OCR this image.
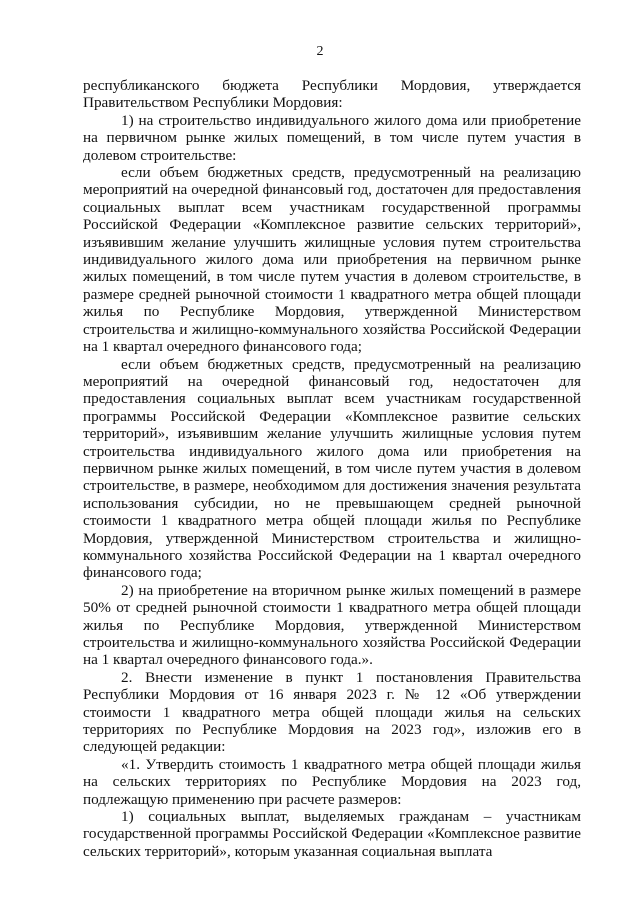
2

республиканского бюджета Республики Мордовия, утверждается Правительством Республики Мордовия:

1) на строительство индивидуального жилого дома или приобретение на первичном рынке жилых помещений, в том числе путем участия в долевом строительстве:

если объем бюджетных средств, предусмотренный на реализацию мероприятий на очередной финансовый год, достаточен для предоставления социальных выплат всем участникам государственной программы Российской Федерации «Комплексное развитие сельских территорий», изъявившим желание улучшить жилищные условия путем строительства индивидуального жилого дома или приобретения на первичном рынке жилых помещений, в том числе путем участия в долевом строительстве, в размере средней рыночной стоимости 1 квадратного метра общей площади жилья по Республике Мордовия, утвержденной Министерством строительства и жилищно-коммунального хозяйства Российской Федерации на 1 квартал очередного финансового года;

если объем бюджетных средств, предусмотренный на реализацию мероприятий на очередной финансовый год, недостаточен для предоставления социальных выплат всем участникам государственной программы Российской Федерации «Комплексное развитие сельских территорий», изъявившим желание улучшить жилищные условия путем строительства индивидуального жилого дома или приобретения на первичном рынке жилых помещений, в том числе путем участия в долевом строительстве, в размере, необходимом для достижения значения результата использования субсидии, но не превышающем средней рыночной стоимости 1 квадратного метра общей площади жилья по Республике Мордовия, утвержденной Министерством строительства и жилищно-коммунального хозяйства Российской Федерации на 1 квартал очередного финансового года;

2) на приобретение на вторичном рынке жилых помещений в размере 50% от средней рыночной стоимости 1 квадратного метра общей площади жилья по Республике Мордовия, утвержденной Министерством строительства и жилищно-коммунального хозяйства Российской Федерации на 1 квартал очередного финансового года.».

2. Внести изменение в пункт 1 постановления Правительства Республики Мордовия от 16 января 2023 г. № 12 «Об утверждении стоимости 1 квадратного метра общей площади жилья на сельских территориях по Республике Мордовия на 2023 год», изложив его в следующей редакции:

«1. Утвердить стоимость 1 квадратного метра общей площади жилья на сельских территориях по Республике Мордовия на 2023 год, подлежащую применению при расчете размеров:

1) социальных выплат, выделяемых гражданам – участникам государственной программы Российской Федерации «Комплексное развитие сельских территорий», которым указанная социальная выплата
